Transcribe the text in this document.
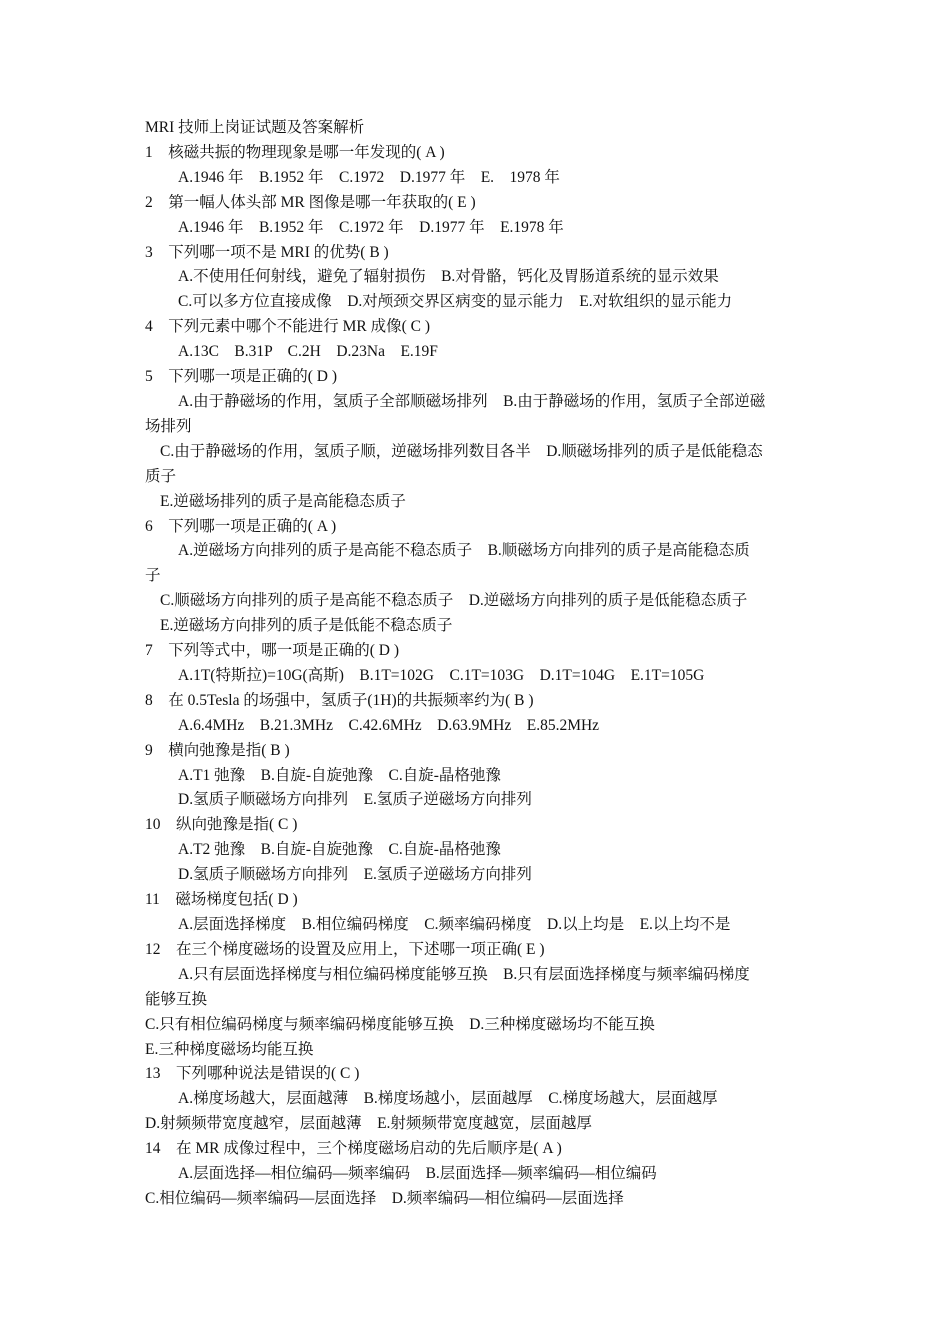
MRI 技师上岗证试题及答案解析

1　核磁共振的物理现象是哪一年发现的( A )

A.1946 年　B.1952 年　C.1972　D.1977 年　E.　1978 年

2　第一幅人体头部 MR 图像是哪一年获取的( E )

A.1946 年　B.1952 年　C.1972 年　D.1977 年　E.1978 年

3　下列哪一项不是 MRI 的优势( B )

A.不使用任何射线，避免了辐射损伤　B.对骨骼，钙化及胃肠道系统的显示效果

C.可以多方位直接成像　D.对颅颈交界区病变的显示能力　E.对软组织的显示能力

4　下列元素中哪个不能进行 MR 成像( C )

A.13C　B.31P　C.2H　D.23Na　E.19F

5　下列哪一项是正确的( D )

A.由于静磁场的作用，氢质子全部顺磁场排列　B.由于静磁场的作用，氢质子全部逆磁

场排列

C.由于静磁场的作用，氢质子顺，逆磁场排列数目各半　D.顺磁场排列的质子是低能稳态

质子

E.逆磁场排列的质子是高能稳态质子

6　下列哪一项是正确的( A )

A.逆磁场方向排列的质子是高能不稳态质子　B.顺磁场方向排列的质子是高能稳态质

子

C.顺磁场方向排列的质子是高能不稳态质子　D.逆磁场方向排列的质子是低能稳态质子

E.逆磁场方向排列的质子是低能不稳态质子

7　下列等式中，哪一项是正确的( D )

A.1T(特斯拉)=10G(高斯)　B.1T=102G　C.1T=103G　D.1T=104G　E.1T=105G

8　在 0.5Tesla 的场强中，氢质子(1H)的共振频率约为( B )

A.6.4MHz　B.21.3MHz　C.42.6MHz　D.63.9MHz　E.85.2MHz

9　横向弛豫是指( B )

A.T1 弛豫　B.自旋-自旋弛豫　C.自旋-晶格弛豫

D.氢质子顺磁场方向排列　E.氢质子逆磁场方向排列

10　纵向弛豫是指( C )

A.T2 弛豫　B.自旋-自旋弛豫　C.自旋-晶格弛豫

D.氢质子顺磁场方向排列　E.氢质子逆磁场方向排列

11　磁场梯度包括( D )

A.层面选择梯度　B.相位编码梯度　C.频率编码梯度　D.以上均是　E.以上均不是

12　在三个梯度磁场的设置及应用上，下述哪一项正确( E )

A.只有层面选择梯度与相位编码梯度能够互换　B.只有层面选择梯度与频率编码梯度

能够互换

C.只有相位编码梯度与频率编码梯度能够互换　D.三种梯度磁场均不能互换

E.三种梯度磁场均能互换

13　下列哪种说法是错误的( C )

A.梯度场越大，层面越薄　B.梯度场越小，层面越厚　C.梯度场越大，层面越厚

D.射频频带宽度越窄，层面越薄　E.射频频带宽度越宽，层面越厚

14　在 MR 成像过程中，三个梯度磁场启动的先后顺序是( A )

A.层面选择—相位编码—频率编码　B.层面选择—频率编码—相位编码

C.相位编码—频率编码—层面选择　D.频率编码—相位编码—层面选择
